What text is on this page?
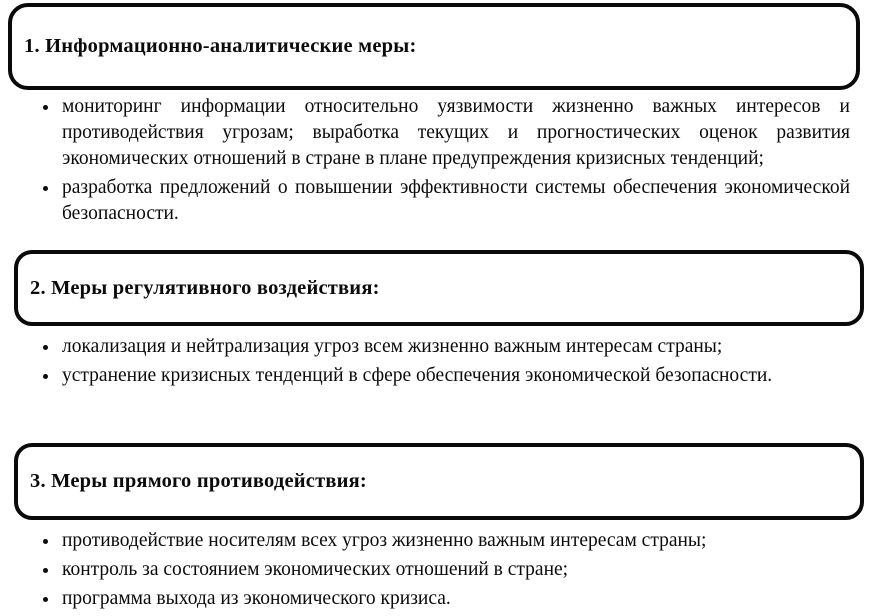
1. Информационно-аналитические меры:
• мониторинг информации относительно уязвимости жизненно важных интересов и противодействия угрозам; выработка текущих и прогностических оценок развития экономических отношений в стране в плане предупреждения кризисных тенденций;
• разработка предложений о повышении эффективности системы обеспечения экономической безопасности.
2. Меры регулятивного воздействия:
• локализация и нейтрализация угроз всем жизненно важным интересам страны;
• устранение кризисных тенденций в сфере обеспечения экономической безопасности.
3. Меры прямого противодействия:
• противодействие носителям всех угроз жизненно важным интересам страны;
• контроль за состоянием экономических отношений в стране;
• программа выхода из экономического кризиса.
